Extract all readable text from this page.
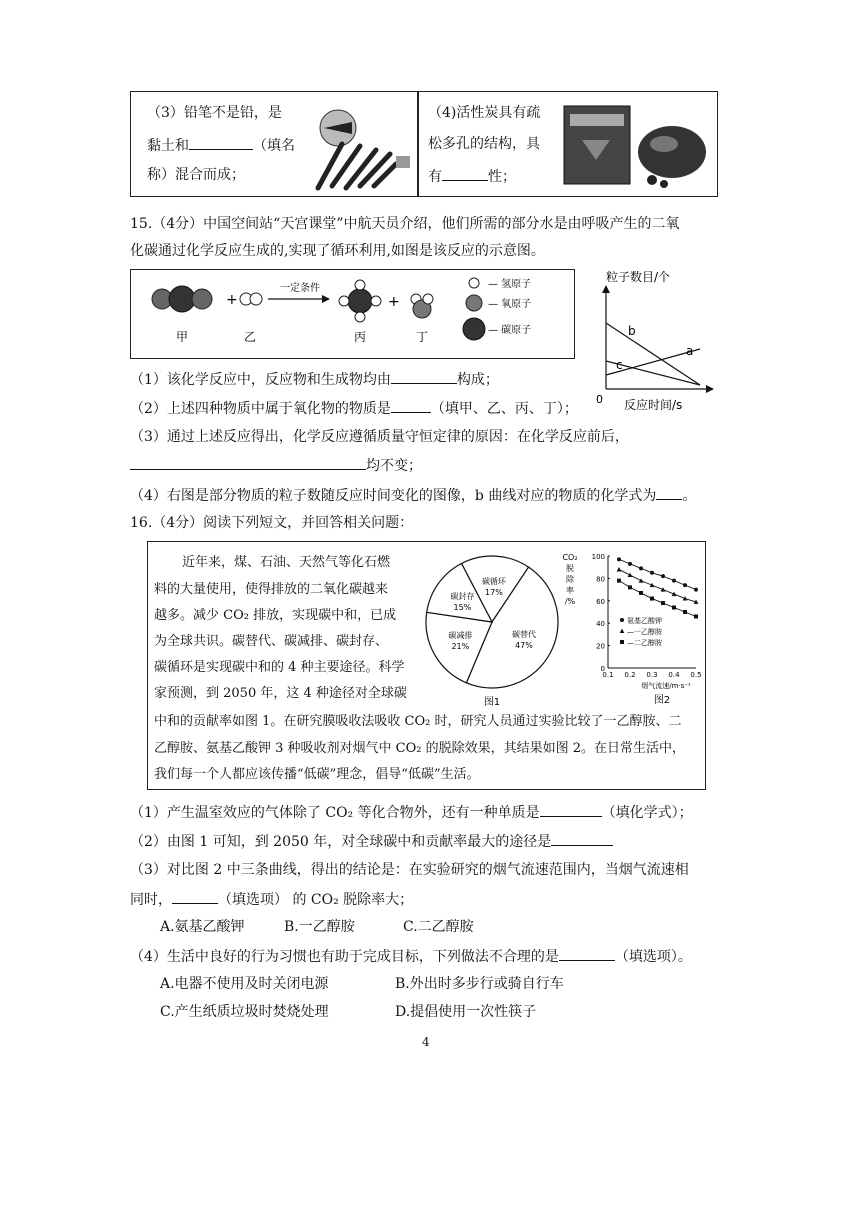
（3）铅笔不是铅，是
黏土和	（填名
称）混合而成；
（4)活性炭具有疏
松多孔的结构，具
有	性；
15.（4分）中国空间站“天宫课堂”中航天员介绍，他们所需的部分水是由呼吸产生的二氧
化碳通过化学反应生成的,实现了循环利用,如图是该反应的示意图。
+
一定条件
+
甲	乙	丙	丁
— 氢原子
— 氧原子
— 碳原子
粒子数目/个
b
a
c
0 反应时间/s
（1）该化学反应中，反应物和生成物均由	构成；
（2）上述四种物质中属于氧化物的物质是	（填甲、乙、丙、丁）；
（3）通过上述反应得出，化学反应遵循质量守恒定律的原因：在化学反应前后，
均不变；
（4）右图是部分物质的粒子数随反应时间变化的图像，b 曲线对应的物质的化学式为 。
16.（4分）阅读下列短文，并回答相关问题：
近年来，煤、石油、天然气等化石燃
料的大量使用，使得排放的二氧化碳越来
越多。减少 CO₂ 排放，实现碳中和，已成
为全球共识。碳替代、碳减排、碳封存、
碳循环是实现碳中和的 4 种主要途径。科学
家预测，到 2050 年，这 4 种途径对全球碳
中和的贡献率如图 1。在研究膜吸收法吸收 CO₂ 时，研究人员通过实验比较了一乙醇胺、二
乙醇胺、氨基乙酸钾 3 种吸收剂对烟气中 CO₂ 的脱除效果，其结果如图 2。在日常生活中，
我们每一个人都应该传播“低碳”理念，倡导“低碳”生活。
碳循环
17%
碳替代
47%
碳减排
21%
碳封存
15%
图1
CO₂
脱
除
率
/%
100
80
60
40
20
0
0.1 0.2 0.3 0.4 0.5
氨基乙酸钾
—一乙醇胺
—二乙醇胺
烟气流速/m·s⁻¹
图2
（1）产生温室效应的气体除了 CO₂ 等化合物外，还有一种单质是	（填化学式）；
（2）由图 1 可知，到 2050 年，对全球碳中和贡献率最大的途径是
（3）对比图 2 中三条曲线，得出的结论是：在实验研究的烟气流速范围内，当烟气流速相
同时，	（填选项） 的 CO₂ 脱除率大；
A.氨基乙酸钾	B.一乙醇胺	C.二乙醇胺
（4）生活中良好的行为习惯也有助于完成目标，下列做法不合理的是	（填选项）。
A.电器不使用及时关闭电源	B.外出时多步行或骑自行车
C.产生纸质垃圾时焚烧处理	D.提倡使用一次性筷子
4
